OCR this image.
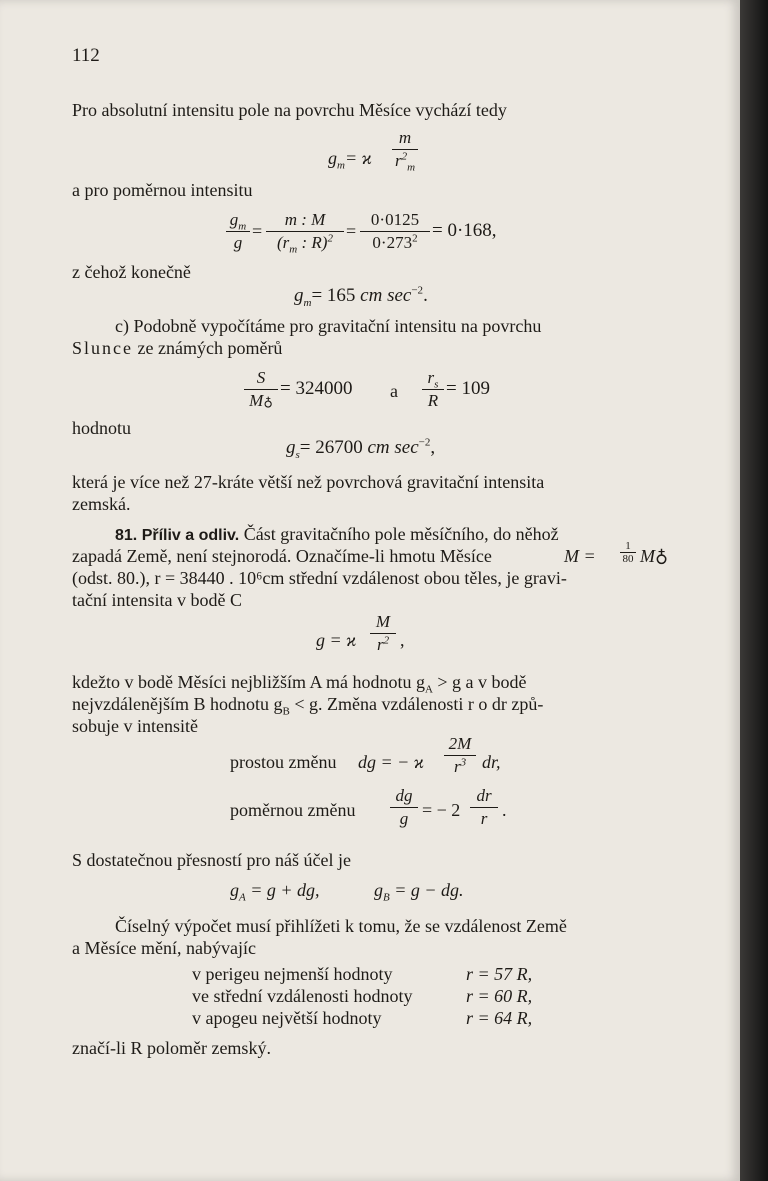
112
Pro absolutní intensitu pole na povrchu Měsíce vychází tedy
$g_m= ϰ \frac{m}{r^2_m}$
a pro poměrnou intensitu
$\frac{g_m}{g} = \frac{m : M}{(r_m : R)^2} = \frac{0\cdot 0125}{0\cdot 273^2} = 0\cdot 168$,
z čehož konečně
$g_m= 165$ cm $\sec^{-2}$.
c) Podobně vypočítáme pro gravitační intensitu na povrchu
Slunce ze známých poměrů
$\frac{S}{M♁} = 324000$ a $\frac{r_s}{R} = 109$
hodnotu
$g_s= 26700$ cm $\sec^{-2}$,
která je více než 27-kráte větší než povrchová gravitační intensita
zemská.
81. Příliv a odliv. Část gravitačního pole měsíčního, do něhož
zapadá Země, není stejnorodá. Označíme-li hmotu Měsíce	$M = \frac{1}{80}$ M♁
(odst. 80.), r = 38440 . 10⁶cm střední vzdálenost obou těles, je gravi-
tační intensita v bodě C
g = ϰ $\frac{M}{r^2}$ ,
kdežto v bodě Měsíci nejbližším A má hodnotu $g_A > g$ a v bodě
nejvzdálenějším B hodnotu $g_B < g$. Změna vzdálenosti r o dr způ-
sobuje v intensitě
prostou změnu dg = − ϰ $\frac{2M}{r^3}$ dr,
poměrnou změnu $\frac{dg}{g}$ = − $2 \frac{dr}{r}$ .
S dostatečnou přesností pro náš účel je
$g_A = g$ + dg,	$g_B = g$ − dg.
Číselný výpočet musí přihlížeti k tomu, že se vzdálenost Země
a Měsíce mění, nabývajíc
v perigeu nejmenší hodnoty	r = 57 R,
ve střední vzdálenosti hodnoty	r = 60 R,
v apogeu největší hodnoty	r = 64 R,
značí-li R poloměr zemský.
